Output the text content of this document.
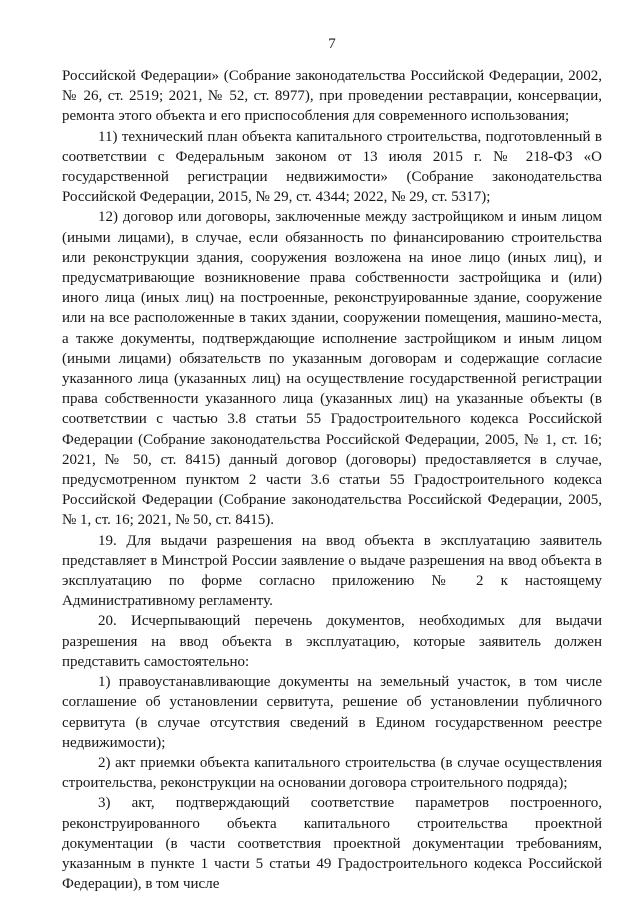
7

Российской Федерации» (Собрание законодательства Российской Федерации, 2002, № 26, ст. 2519; 2021, № 52, ст. 8977), при проведении реставрации, консервации, ремонта этого объекта и его приспособления для современного использования;

11) технический план объекта капитального строительства, подготовленный в соответствии с Федеральным законом от 13 июля 2015 г. № 218-ФЗ «О государственной регистрации недвижимости» (Собрание законодательства Российской Федерации, 2015, № 29, ст. 4344; 2022, № 29, ст. 5317);

12) договор или договоры, заключенные между застройщиком и иным лицом (иными лицами), в случае, если обязанность по финансированию строительства или реконструкции здания, сооружения возложена на иное лицо (иных лиц), и предусматривающие возникновение права собственности застройщика и (или) иного лица (иных лиц) на построенные, реконструированные здание, сооружение или на все расположенные в таких здании, сооружении помещения, машино-места, а также документы, подтверждающие исполнение застройщиком и иным лицом (иными лицами) обязательств по указанным договорам и содержащие согласие указанного лица (указанных лиц) на осуществление государственной регистрации права собственности указанного лица (указанных лиц) на указанные объекты (в соответствии с частью 3.8 статьи 55 Градостроительного кодекса Российской Федерации (Собрание законодательства Российской Федерации, 2005, № 1, ст. 16; 2021, № 50, ст. 8415) данный договор (договоры) предоставляется в случае, предусмотренном пунктом 2 части 3.6 статьи 55 Градостроительного кодекса Российской Федерации (Собрание законодательства Российской Федерации, 2005, № 1, ст. 16; 2021, № 50, ст. 8415).

19. Для выдачи разрешения на ввод объекта в эксплуатацию заявитель представляет в Минстрой России заявление о выдаче разрешения на ввод объекта в эксплуатацию по форме согласно приложению № 2 к настоящему Административному регламенту.

20. Исчерпывающий перечень документов, необходимых для выдачи разрешения на ввод объекта в эксплуатацию, которые заявитель должен представить самостоятельно:

1) правоустанавливающие документы на земельный участок, в том числе соглашение об установлении сервитута, решение об установлении публичного сервитута (в случае отсутствия сведений в Едином государственном реестре недвижимости);

2) акт приемки объекта капитального строительства (в случае осуществления строительства, реконструкции на основании договора строительного подряда);

3) акт, подтверждающий соответствие параметров построенного, реконструированного объекта капитального строительства проектной документации (в части соответствия проектной документации требованиям, указанным в пункте 1 части 5 статьи 49 Градостроительного кодекса Российской Федерации), в том числе
